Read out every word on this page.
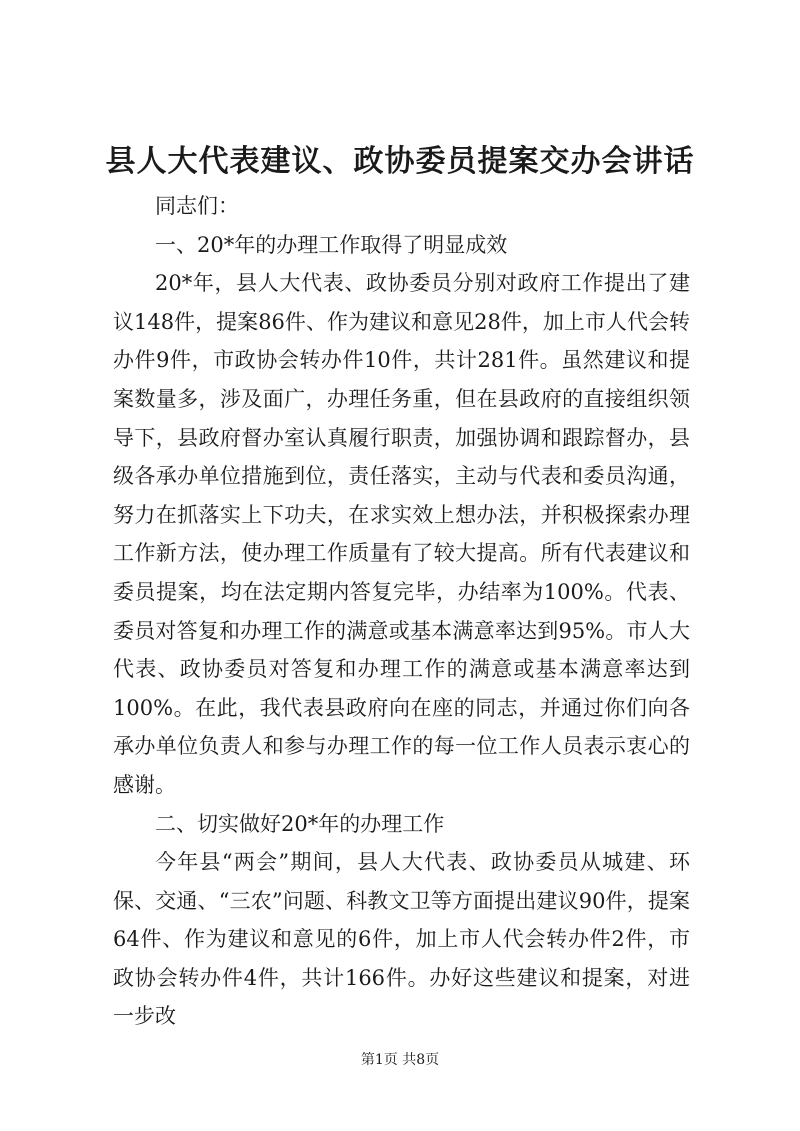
县人大代表建议、政协委员提案交办会讲话

同志们：

一、20*年的办理工作取得了明显成效

20*年，县人大代表、政协委员分别对政府工作提出了建议148件，提案86件、作为建议和意见28件，加上市人代会转办件9件，市政协会转办件10件，共计281件。虽然建议和提案数量多，涉及面广，办理任务重，但在县政府的直接组织领导下，县政府督办室认真履行职责，加强协调和跟踪督办，县级各承办单位措施到位，责任落实，主动与代表和委员沟通，努力在抓落实上下功夫，在求实效上想办法，并积极探索办理工作新方法，使办理工作质量有了较大提高。所有代表建议和委员提案，均在法定期内答复完毕，办结率为100%。代表、委员对答复和办理工作的满意或基本满意率达到95%。市人大代表、政协委员对答复和办理工作的满意或基本满意率达到100%。在此，我代表县政府向在座的同志，并通过你们向各承办单位负责人和参与办理工作的每一位工作人员表示衷心的感谢。

二、切实做好20*年的办理工作

今年县“两会”期间，县人大代表、政协委员从城建、环保、交通、“三农”问题、科教文卫等方面提出建议90件，提案64件、作为建议和意见的6件，加上市人代会转办件2件，市政协会转办件4件，共计166件。办好这些建议和提案，对进一步改

第1页 共8页
